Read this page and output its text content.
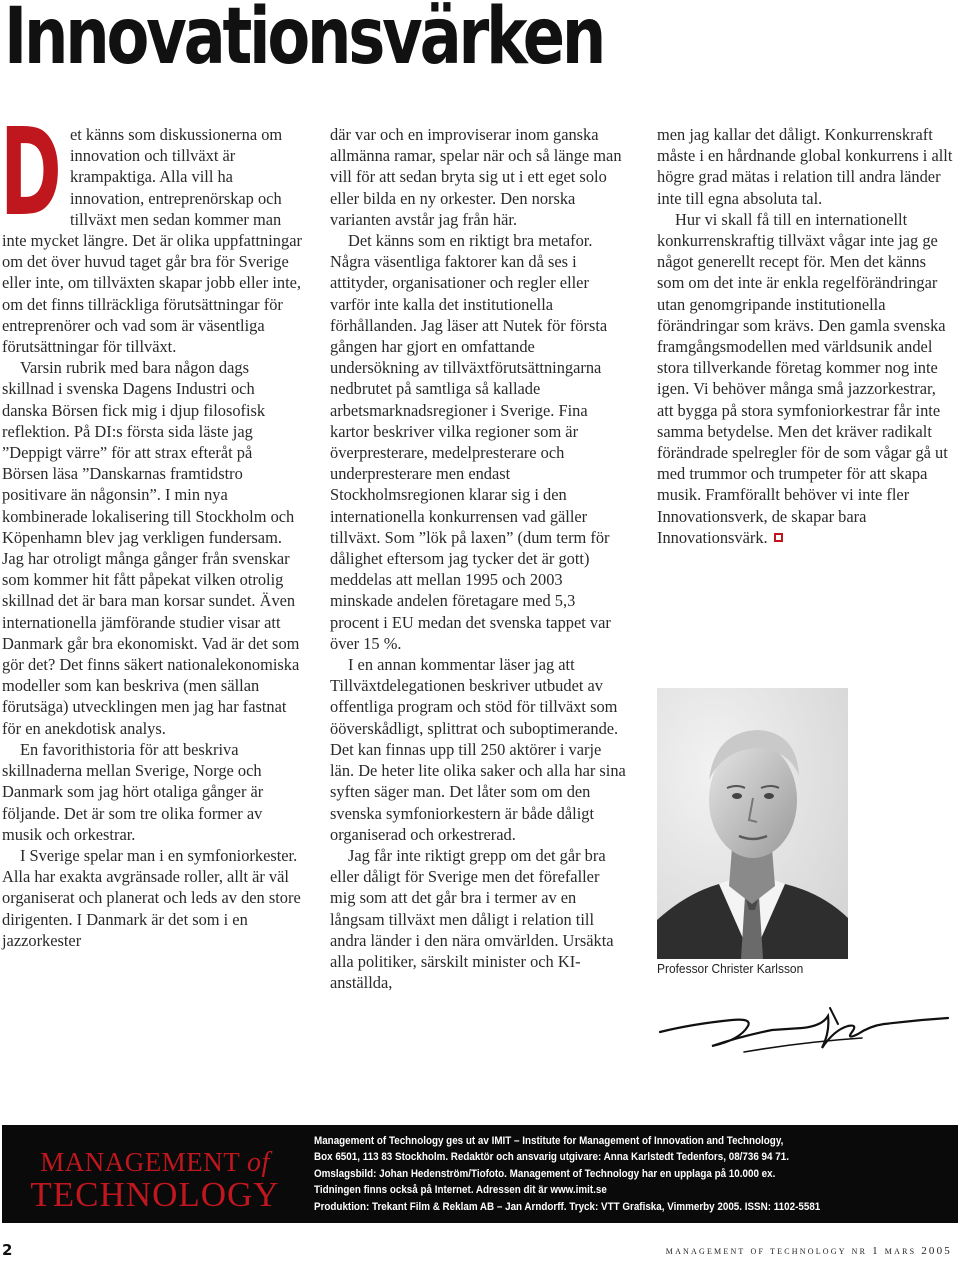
Innovationsvärken
D et känns som diskussionerna om innovation och tillväxt är krampaktiga. Alla vill ha innovation, entreprenörskap och tillväxt men sedan kommer man inte mycket längre. Det är olika uppfattningar om det över huvud taget går bra för Sverige eller inte, om tillväxten skapar jobb eller inte, om det finns tillräckliga förutsättningar för entreprenörer och vad som är väsentliga förutsättningar för tillväxt.

Varsin rubrik med bara någon dags skillnad i svenska Dagens Industri och danska Börsen fick mig i djup filosofisk reflektion. På DI:s första sida läste jag ”Deppigt värre” för att strax efteråt på Börsen läsa ”Danskarnas framtidstro positivare än någonsin”. I min nya kombinerade lokalisering till Stockholm och Köpenhamn blev jag verkligen fundersam. Jag har otroligt många gånger från svenskar som kommer hit fått påpekat vilken otrolig skillnad det är bara man korsar sundet. Även internationella jämförande studier visar att Danmark går bra ekonomiskt. Vad är det som gör det? Det finns säkert nationalekonomiska modeller som kan beskriva (men sällan förutsäga) utvecklingen men jag har fastnat för en anekdotisk analys.

En favorithistoria för att beskriva skillnaderna mellan Sverige, Norge och Danmark som jag hört otaliga gånger är följande. Det är som tre olika former av musik och orkestrar.

I Sverige spelar man i en symfoniorkester. Alla har exakta avgränsade roller, allt är väl organiserat och planerat och leds av den store dirigenten. I Danmark är det som i en jazzorkester

där var och en improviserar inom ganska allmänna ramar, spelar när och så länge man vill för att sedan bryta sig ut i ett eget solo eller bilda en ny orkester. Den norska varianten avstår jag från här.

Det känns som en riktigt bra metafor. Några väsentliga faktorer kan då ses i attityder, organisationer och regler eller varför inte kalla det institutionella förhållanden. Jag läser att Nutek för första gången har gjort en omfattande undersökning av tillväxtförutsättningarna nedbrutet på samtliga så kallade arbetsmarknadsregioner i Sverige. Fina kartor beskriver vilka regioner som är överpresterare, medelpresterare och underpresterare men endast Stockholmsregionen klarar sig i den internationella konkurrensen vad gäller tillväxt. Som ”lök på laxen” (dum term för dålighet eftersom jag tycker det är gott) meddelas att mellan 1995 och 2003 minskade andelen företagare med 5,3 procent i EU medan det svenska tappet var över 15 %.

I en annan kommentar läser jag att Tillväxtdelegationen beskriver utbudet av offentliga program och stöd för tillväxt som ööverskådligt, splittrat och suboptimerande. Det kan finnas upp till 250 aktörer i varje län. De heter lite olika saker och alla har sina syften säger man. Det låter som om den svenska symfoniorkestern är både dåligt organiserad och orkestrerad.

Jag får inte riktigt grepp om det går bra eller dåligt för Sverige men det förefaller mig som att det går bra i termer av en långsam tillväxt men dåligt i relation till andra länder i den nära omvärlden. Ursäkta alla politiker, särskilt minister och KI-anställda,

men jag kallar det dåligt. Konkurrenskraft måste i en hårdnande global konkurrens i allt högre grad mätas i relation till andra länder inte till egna absoluta tal.

Hur vi skall få till en internationellt konkurrenskraftig tillväxt vågar inte jag ge något generellt recept för. Men det känns som om det inte är enkla regelförändringar utan genomgripande institutionella förändringar som krävs. Den gamla svenska framgångsmodellen med världsunik andel stora tillverkande företag kommer nog inte igen. Vi behöver många små jazzorkestrar, att bygga på stora symfoniorkestrar får inte samma betydelse. Men det kräver radikalt förändrade spelregler för de som vågar gå ut med trummor och trumpeter för att skapa musik. Framförallt behöver vi inte fler Innovationsverk, de skapar bara Innovationsvärk.

Professor Christer Karlsson
MANAGEMENT of
TECHNOLOGY
Management of Technology ges ut av IMIT – Institute for Management of Innovation and Technology,
Box 6501, 113 83 Stockholm. Redaktör och ansvarig utgivare: Anna Karlstedt Tedenfors, 08/736 94 71.
Omslagsbild: Johan Hedenström/Tiofoto. Management of Technology har en upplaga på 10.000 ex.
Tidningen finns också på Internet. Adressen dit är www.imit.se
Produktion: Trekant Film & Reklam AB – Jan Arndorff. Tryck: VTT Grafiska, Vimmerby 2005. ISSN: 1102-5581
2	management of technology nr 1 mars 2005
